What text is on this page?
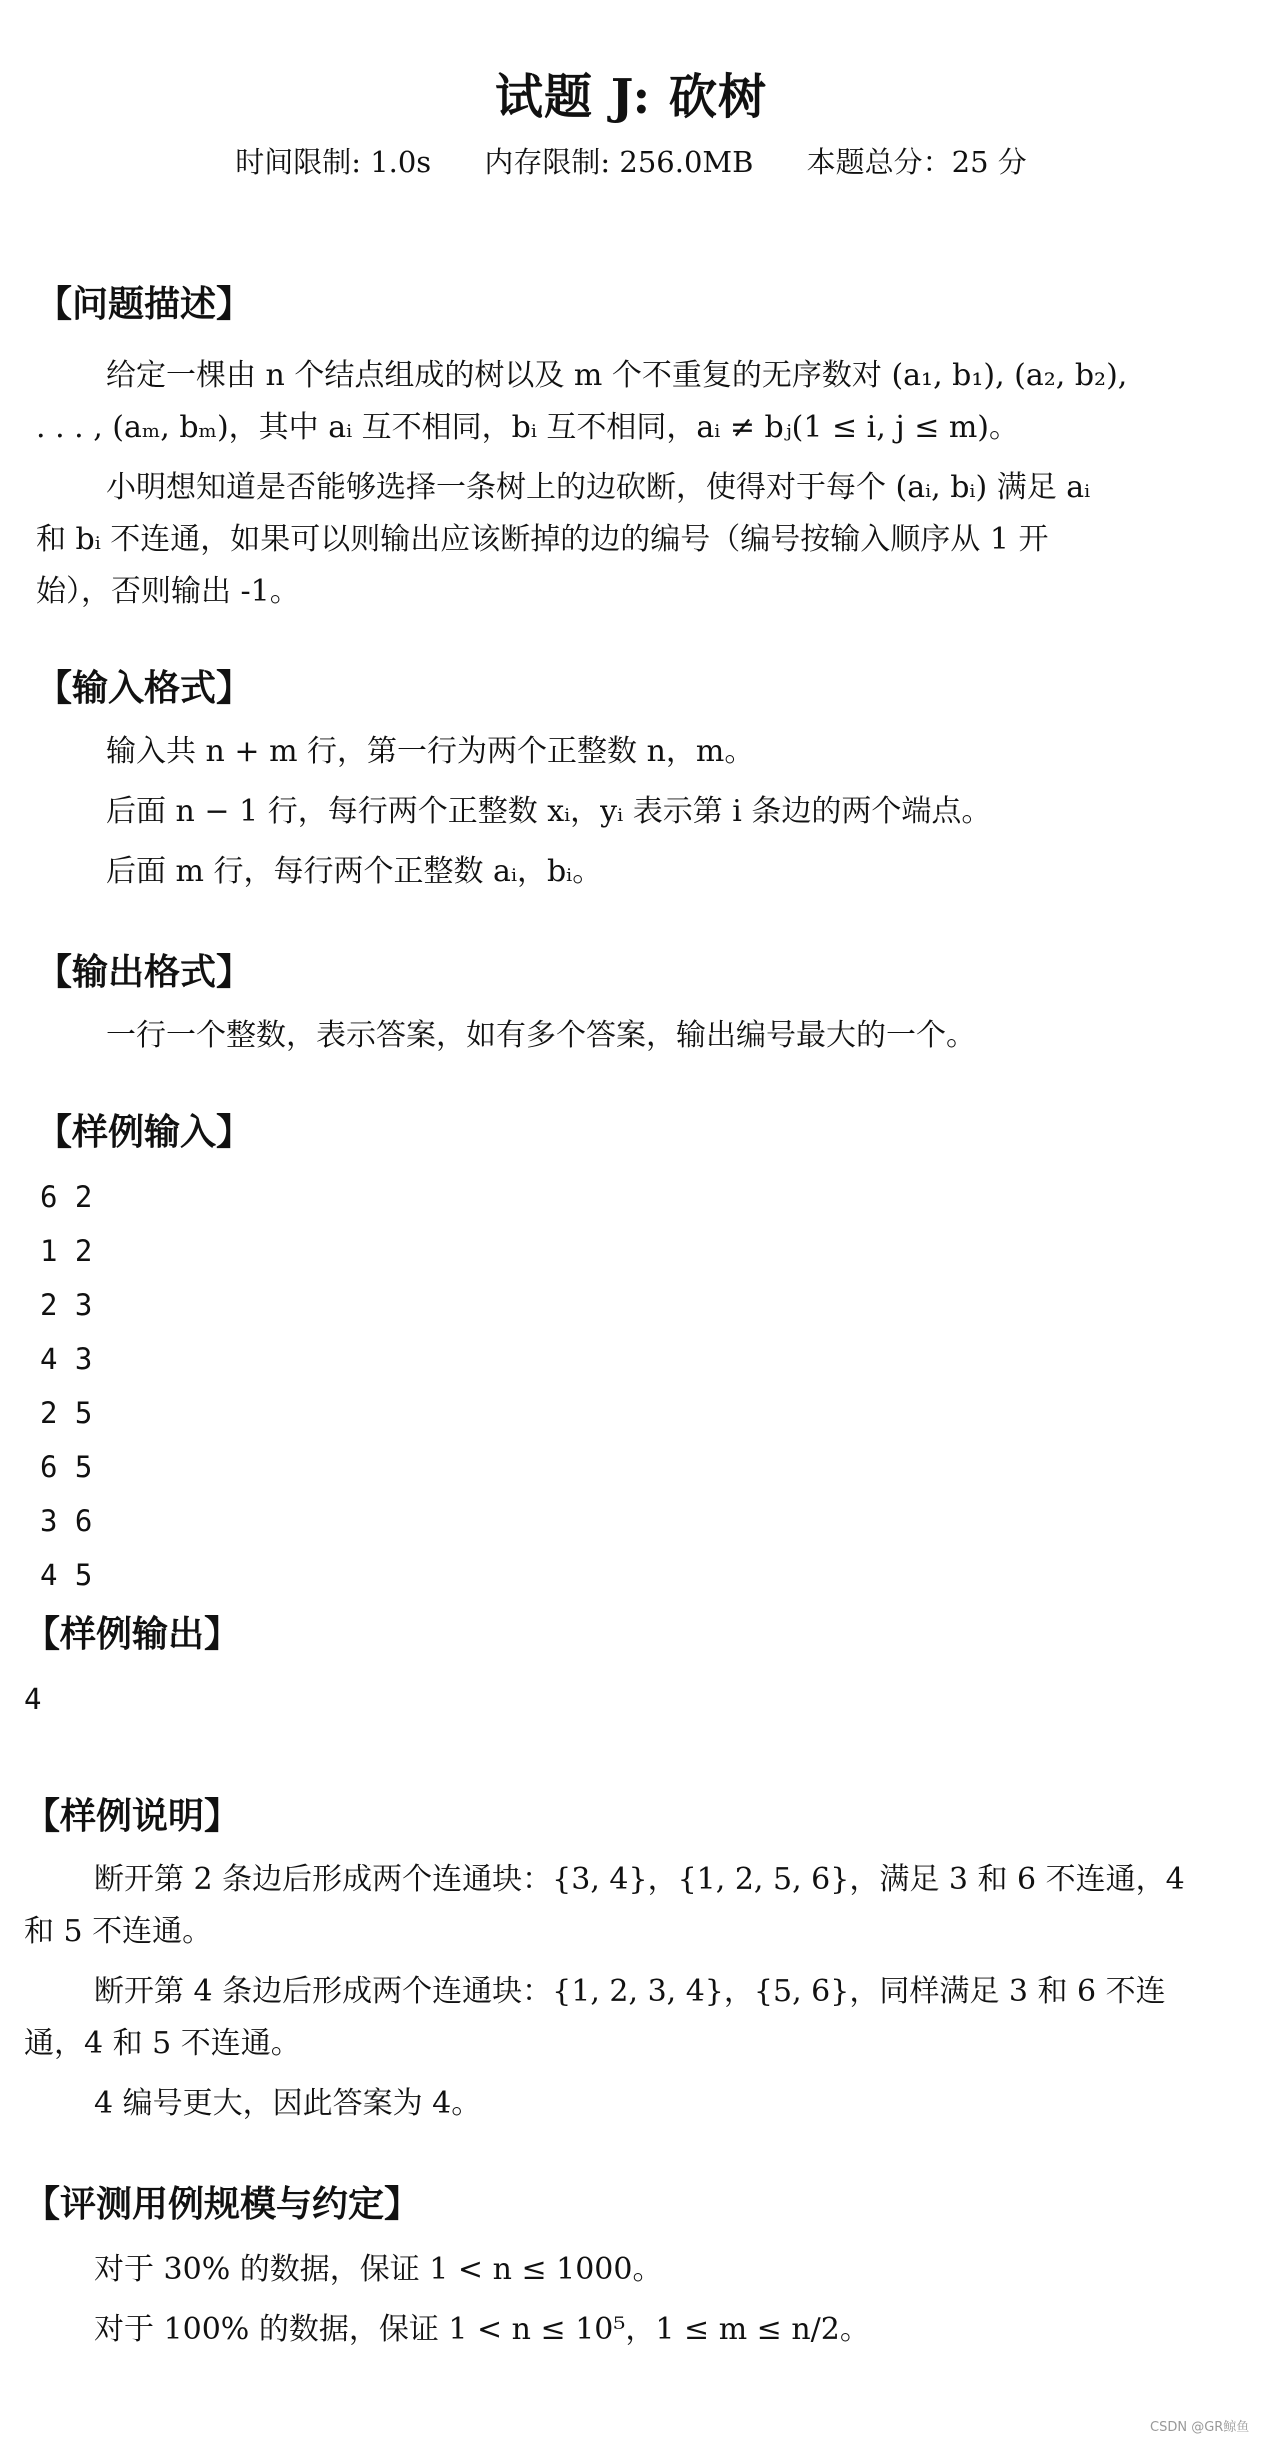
试题 J: 砍树
时间限制: 1.0s 内存限制: 256.0MB 本题总分：25 分
【问题描述】
给定一棵由 n 个结点组成的树以及 m 个不重复的无序数对 (a₁, b₁), (a₂, b₂),
. . . , (aₘ, bₘ)，其中 aᵢ 互不相同，bᵢ 互不相同，aᵢ ≠ bⱼ(1 ≤ i, j ≤ m)。
小明想知道是否能够选择一条树上的边砍断，使得对于每个 (aᵢ, bᵢ) 满足 aᵢ
和 bᵢ 不连通，如果可以则输出应该断掉的边的编号（编号按输入顺序从 1 开
始），否则输出 -1。
【输入格式】
输入共 n + m 行，第一行为两个正整数 n，m。
后面 n − 1 行，每行两个正整数 xᵢ，yᵢ 表示第 i 条边的两个端点。
后面 m 行，每行两个正整数 aᵢ，bᵢ。
【输出格式】
一行一个整数，表示答案，如有多个答案，输出编号最大的一个。
【样例输入】
6 2
1 2
2 3
4 3
2 5
6 5
3 6
4 5
【样例输出】
4
【样例说明】
断开第 2 条边后形成两个连通块：{3, 4}，{1, 2, 5, 6}，满足 3 和 6 不连通，4
和 5 不连通。
断开第 4 条边后形成两个连通块：{1, 2, 3, 4}，{5, 6}，同样满足 3 和 6 不连
通，4 和 5 不连通。
4 编号更大，因此答案为 4。
【评测用例规模与约定】
对于 30% 的数据，保证 1 < n ≤ 1000。
对于 100% 的数据，保证 1 < n ≤ 10⁵，1 ≤ m ≤ n/2。
CSDN @GR鲸鱼
